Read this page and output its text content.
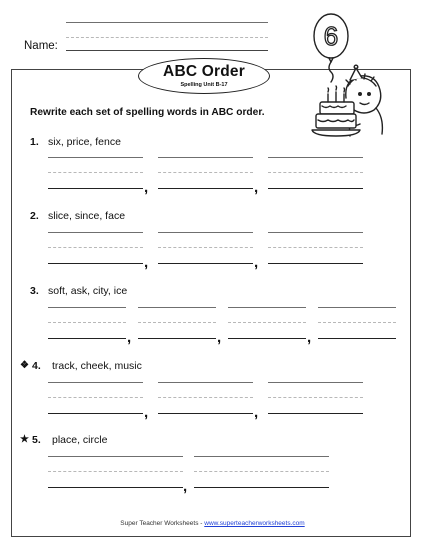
Name:
ABC Order
Spelling Unit B-17
6
Rewrite each set of spelling words in ABC order.
1. six, price, fence
,	,
2. slice, since, face
,	,
3. soft, ask, city, ice
,	,	,
❖ 4. track, cheek, music
,	,
★ 5. place, circle
,
Super Teacher Worksheets - www.superteacherworksheets.com
